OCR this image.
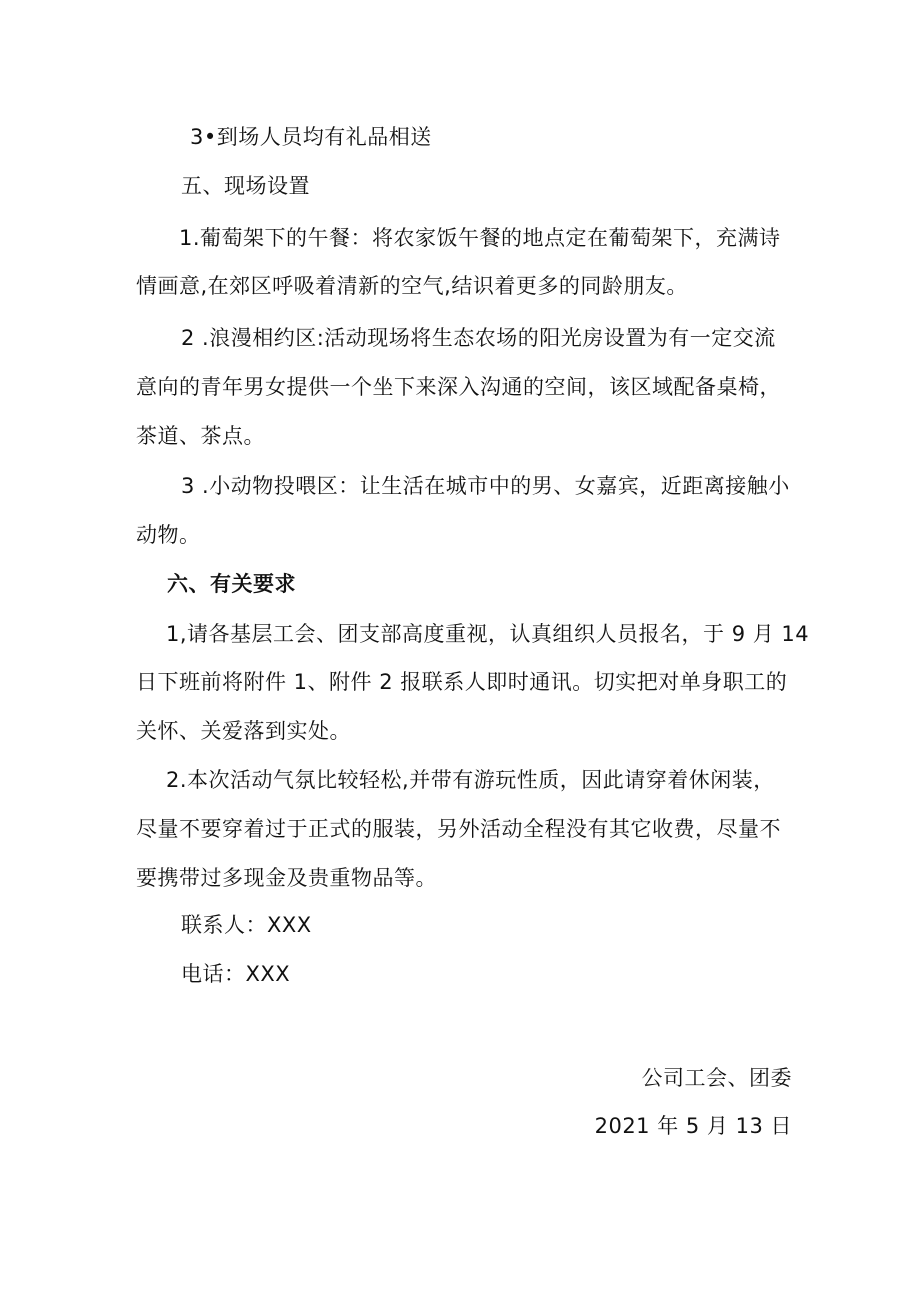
3•到场人员均有礼品相送
五、现场设置
1.葡萄架下的午餐：将农家饭午餐的地点定在葡萄架下，充满诗
情画意,在郊区呼吸着清新的空气,结识着更多的同龄朋友。
2 .浪漫相约区:活动现场将生态农场的阳光房设置为有一定交流
意向的青年男女提供一个坐下来深入沟通的空间，该区域配备桌椅，
茶道、茶点。
3 .小动物投喂区：让生活在城市中的男、女嘉宾，近距离接触小
动物。
六、有关要求
1,请各基层工会、团支部高度重视，认真组织人员报名，于 9 月 14
日下班前将附件 1、附件 2 报联系人即时通讯。切实把对单身职工的
关怀、关爱落到实处。
2.本次活动气氛比较轻松,并带有游玩性质，因此请穿着休闲装，
尽量不要穿着过于正式的服装，另外活动全程没有其它收费，尽量不
要携带过多现金及贵重物品等。
联系人：XXX
电话：XXX
公司工会、团委
2021 年 5 月 13 日
